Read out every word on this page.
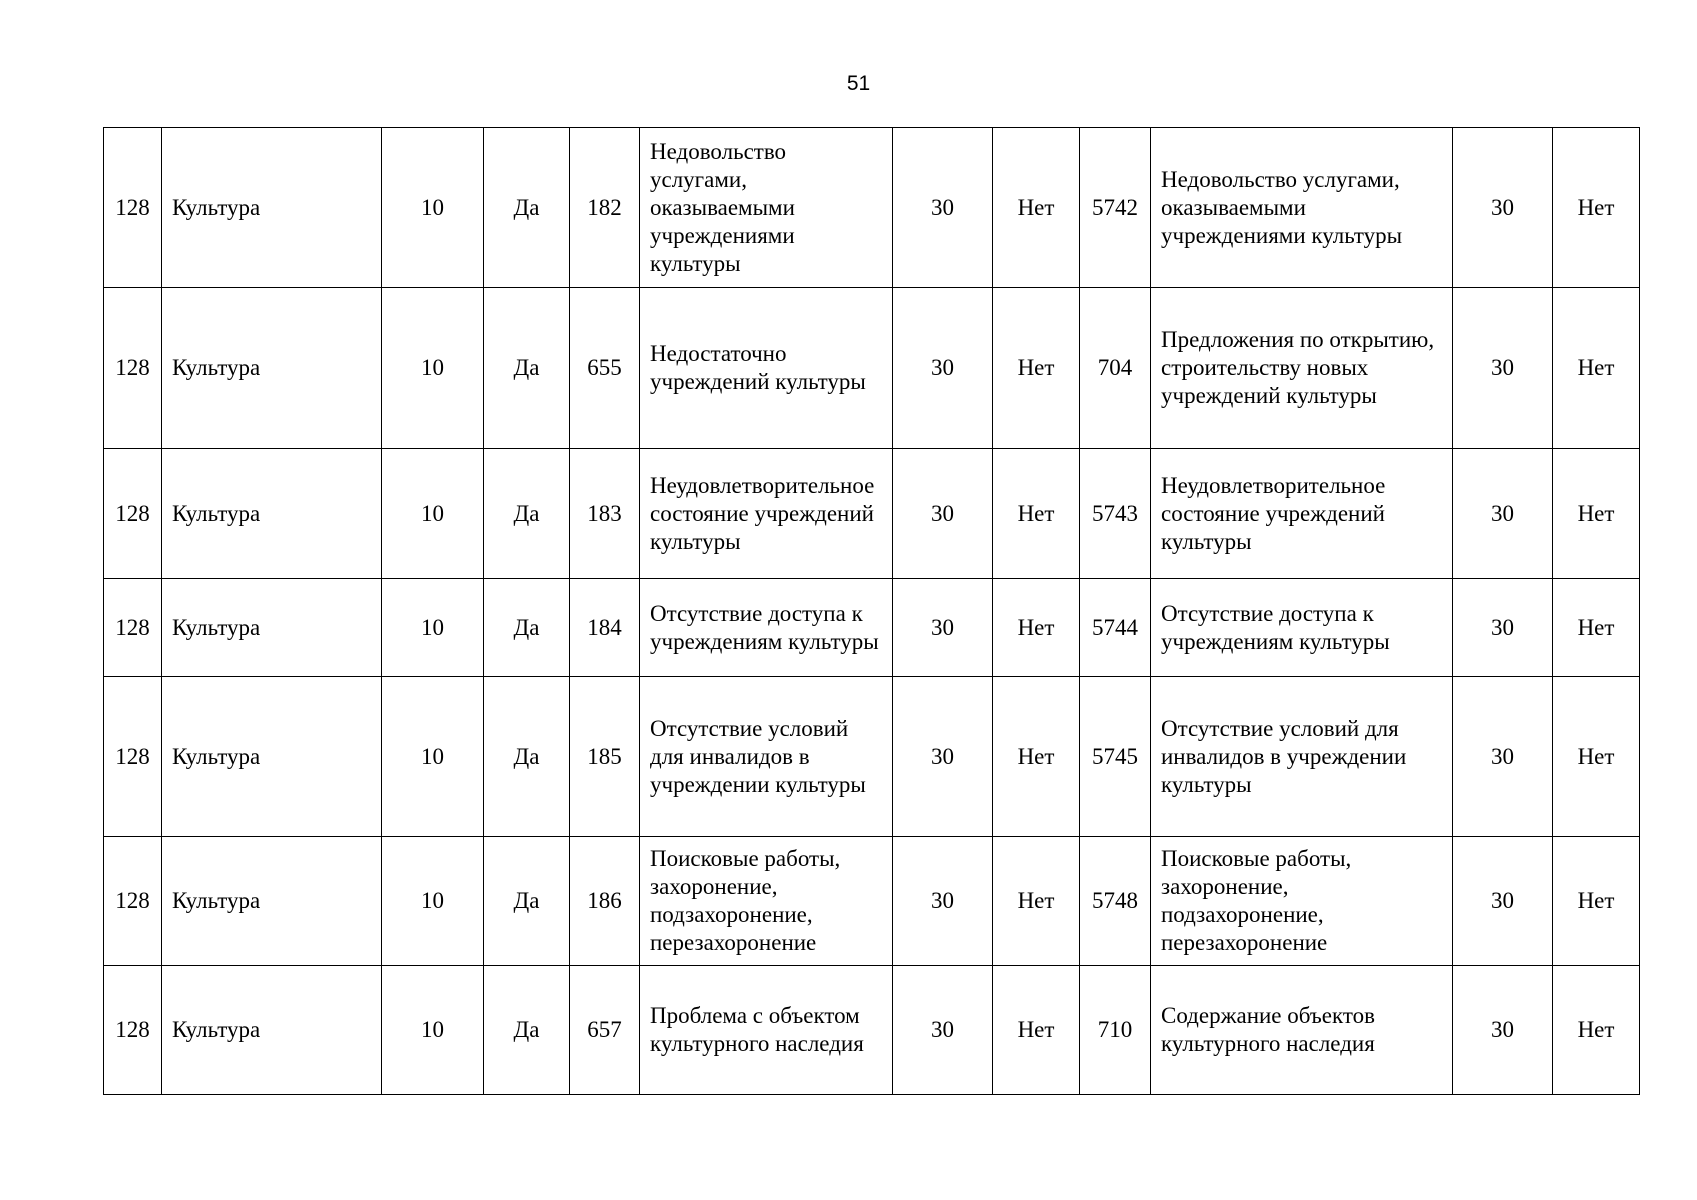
51
128	Культура	10	Да	182	Недовольство услугами, оказываемыми учреждениями культуры	30	Нет	5742	Недовольство услугами, оказываемыми учреждениями культуры	30	Нет
128	Культура	10	Да	655	Недостаточно учреждений культуры	30	Нет	704	Предложения по открытию, строительству новых учреждений культуры	30	Нет
128	Культура	10	Да	183	Неудовлетворительное состояние учреждений культуры	30	Нет	5743	Неудовлетворительное состояние учреждений культуры	30	Нет
128	Культура	10	Да	184	Отсутствие доступа к учреждениям культуры	30	Нет	5744	Отсутствие доступа к учреждениям культуры	30	Нет
128	Культура	10	Да	185	Отсутствие условий для инвалидов в учреждении культуры	30	Нет	5745	Отсутствие условий для инвалидов в учреждении культуры	30	Нет
128	Культура	10	Да	186	Поисковые работы, захоронение, подзахоронение, перезахоронение	30	Нет	5748	Поисковые работы, захоронение, подзахоронение, перезахоронение	30	Нет
128	Культура	10	Да	657	Проблема с объектом культурного наследия	30	Нет	710	Содержание объектов культурного наследия	30	Нет
